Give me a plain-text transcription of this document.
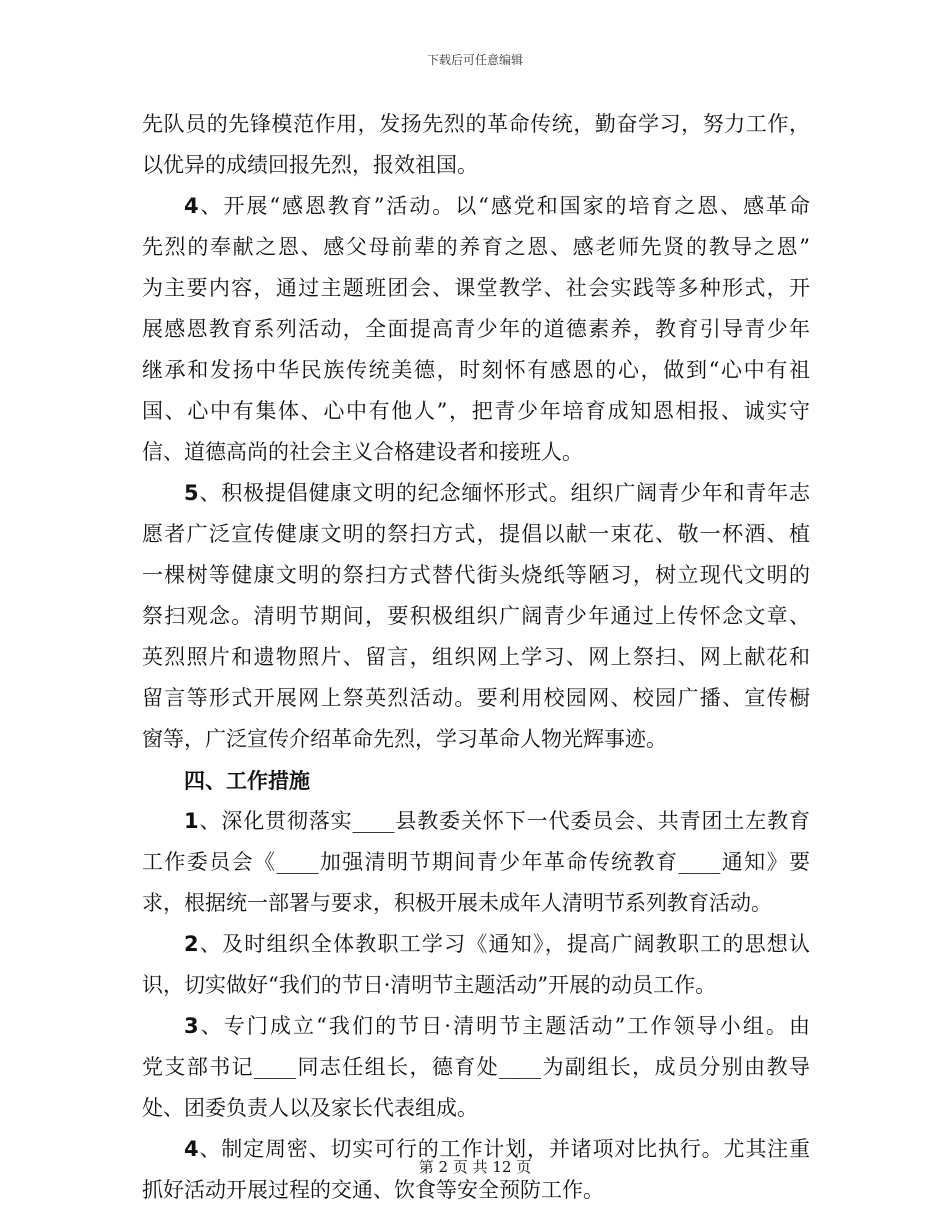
下载后可任意编辑
先队员的先锋模范作用，发扬先烈的革命传统，勤奋学习，努力工作，
以优异的成绩回报先烈，报效祖国。
4、开展“感恩教育”活动。以“感党和国家的培育之恩、感革命
先烈的奉献之恩、感父母前辈的养育之恩、感老师先贤的教导之恩”
为主要内容，通过主题班团会、课堂教学、社会实践等多种形式，开
展感恩教育系列活动，全面提高青少年的道德素养，教育引导青少年
继承和发扬中华民族传统美德，时刻怀有感恩的心，做到“心中有祖
国、心中有集体、心中有他人”，把青少年培育成知恩相报、诚实守
信、道德高尚的社会主义合格建设者和接班人。
5、积极提倡健康文明的纪念缅怀形式。组织广阔青少年和青年志
愿者广泛宣传健康文明的祭扫方式，提倡以献一束花、敬一杯酒、植
一棵树等健康文明的祭扫方式替代街头烧纸等陋习，树立现代文明的
祭扫观念。清明节期间，要积极组织广阔青少年通过上传怀念文章、
英烈照片和遗物照片、留言，组织网上学习、网上祭扫、网上献花和
留言等形式开展网上祭英烈活动。要利用校园网、校园广播、宣传橱
窗等，广泛宣传介绍革命先烈，学习革命人物光辉事迹。
四、工作措施
1、深化贯彻落实____县教委关怀下一代委员会、共青团土左教育
工作委员会《____加强清明节期间青少年革命传统教育____通知》要
求，根据统一部署与要求，积极开展未成年人清明节系列教育活动。
2、及时组织全体教职工学习《通知》，提高广阔教职工的思想认
识，切实做好“我们的节日·清明节主题活动”开展的动员工作。
3、专门成立“我们的节日·清明节主题活动”工作领导小组。由
党支部书记____同志任组长，德育处____为副组长，成员分别由教导
处、团委负责人以及家长代表组成。
4、制定周密、切实可行的工作计划，并诸项对比执行。尤其注重
抓好活动开展过程的交通、饮食等安全预防工作。
第 2 页 共 12 页
